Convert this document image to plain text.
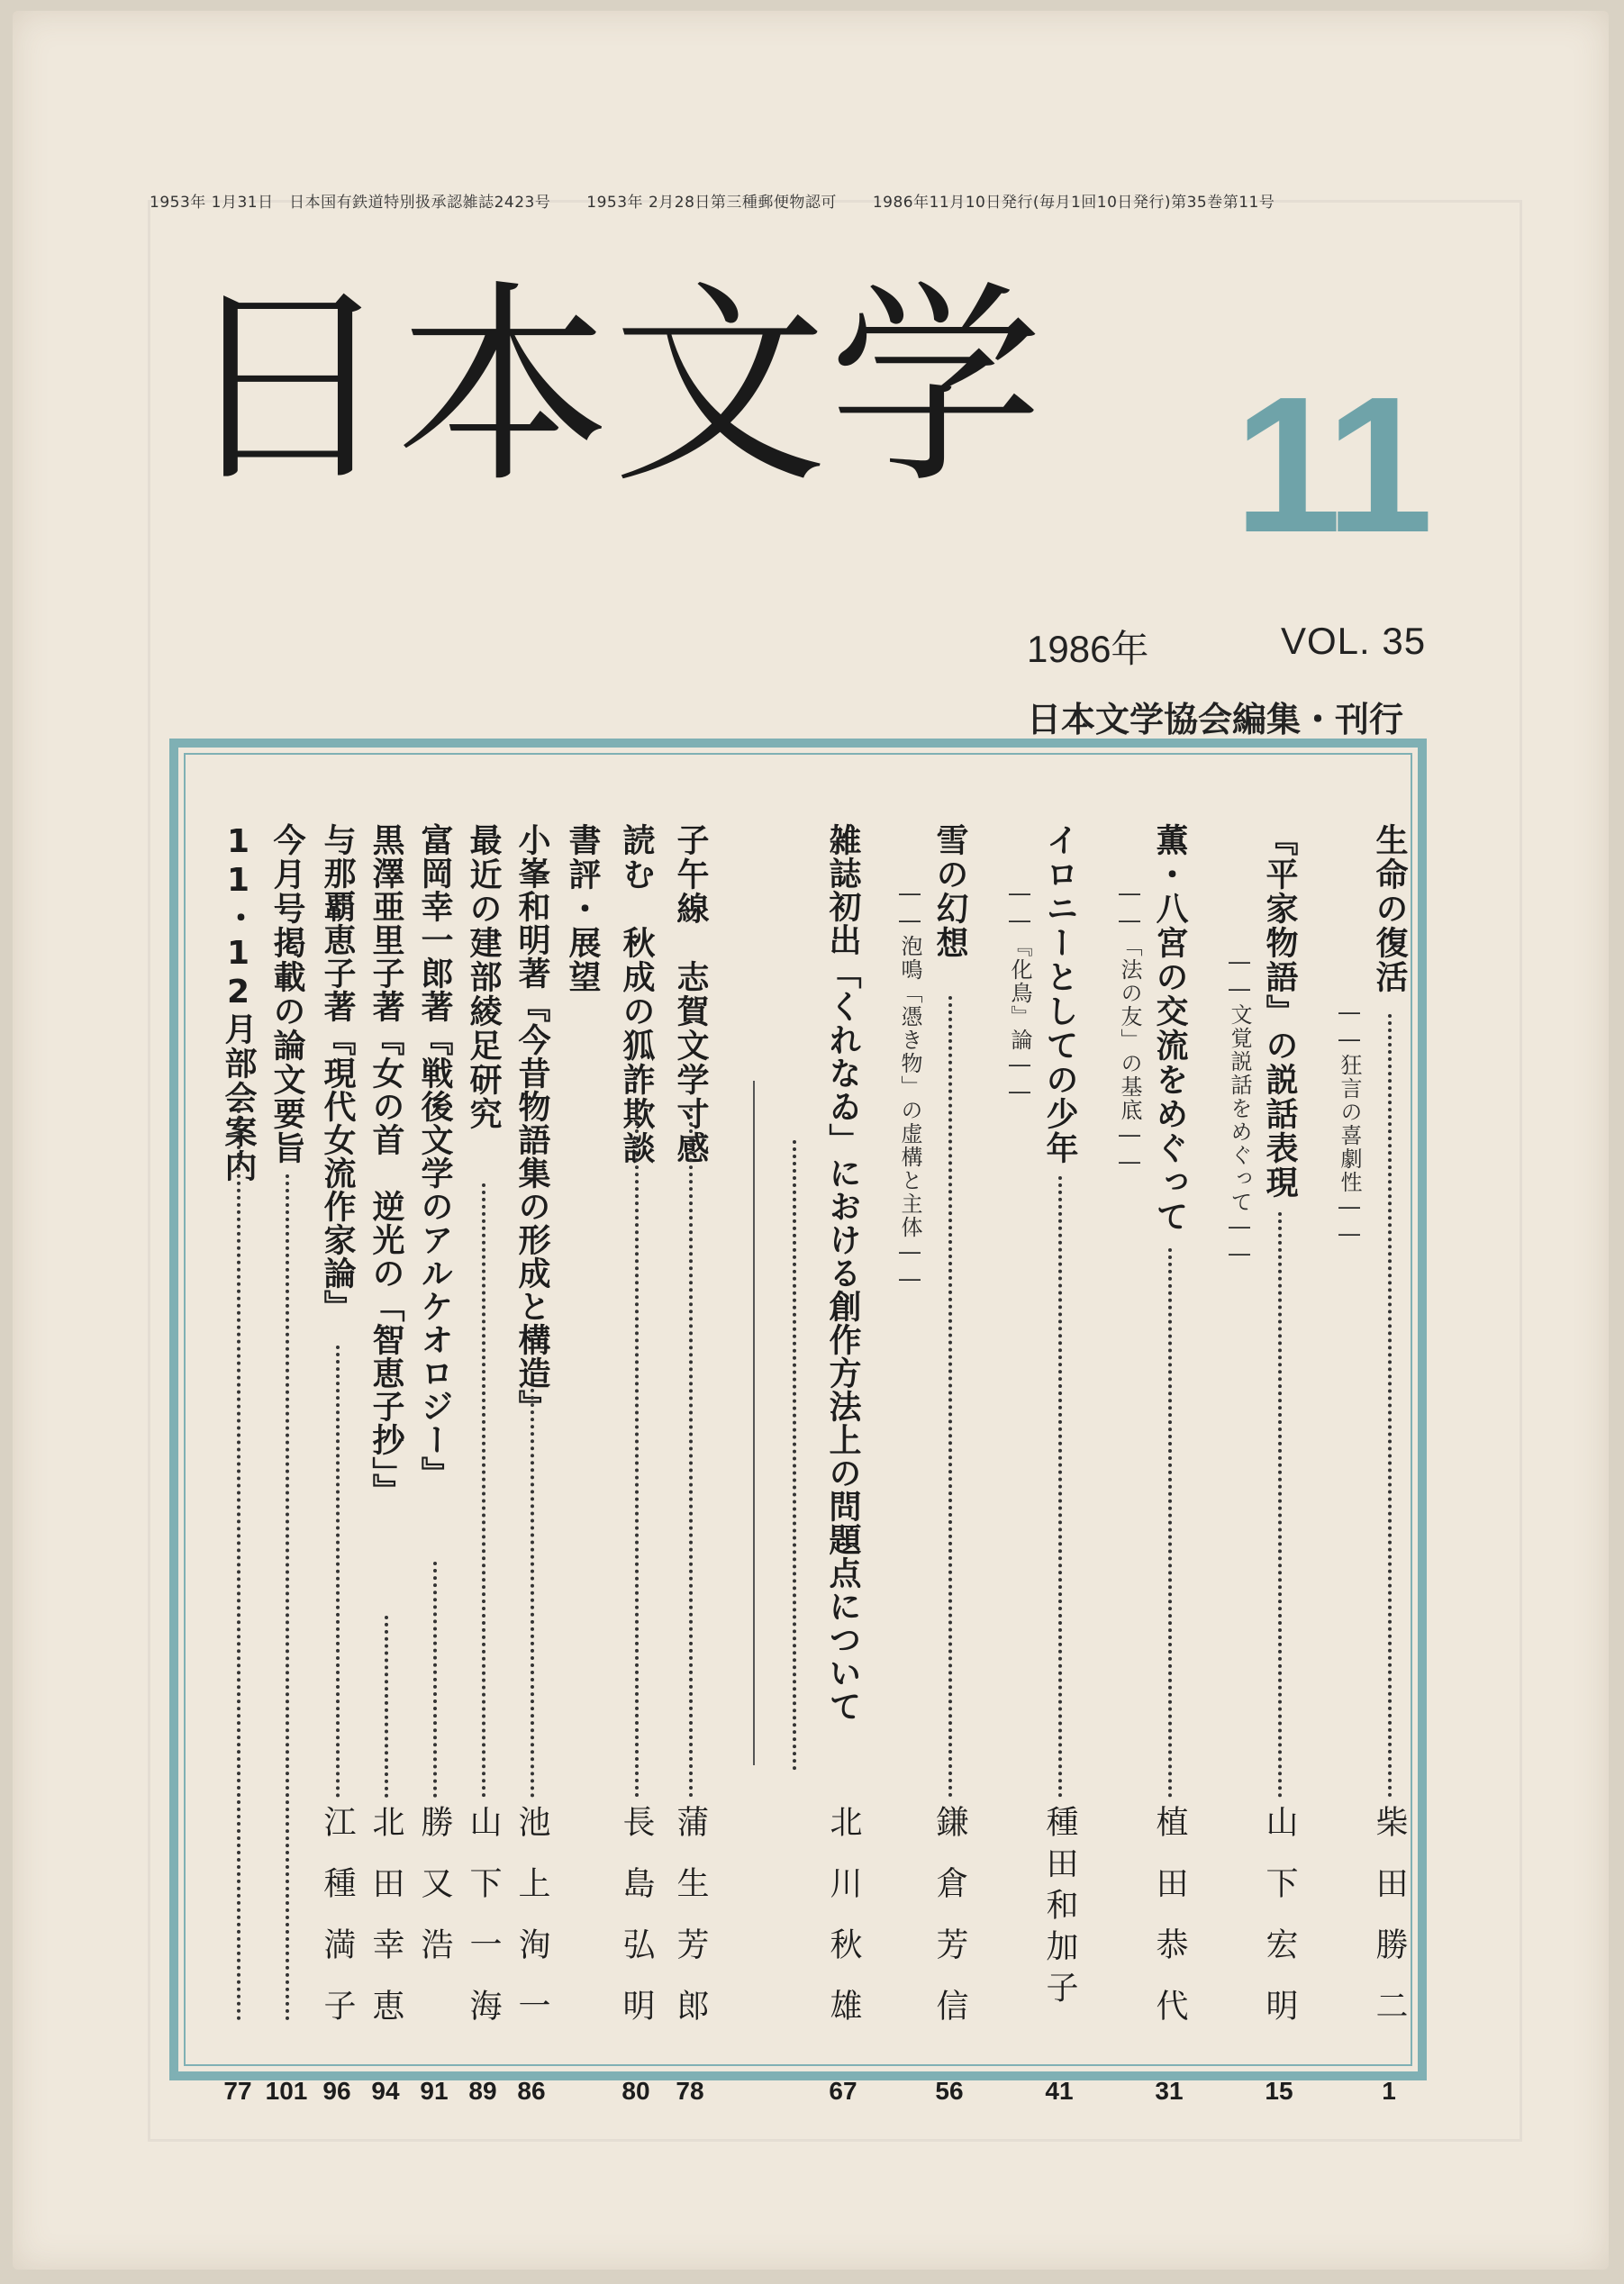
1953年 1月31日　日本国有鉄道特別扱承認雑誌2423号 1953年 2月28日第三種郵便物認可 1986年11月10日発行(毎月1回10日発行)第35巻第11号
日本文学 11
1986年	VOL. 35
日本文学協会編集・刊行
生命の復活
――狂言の喜劇性――
柴田勝二
1
『平家物語』の説話表現
――文覚説話をめぐって――
山下宏明
15
薫・八宮の交流をめぐって
――「法の友」の基底――
植田恭代
31
イロニーとしての少年
――『化鳥』論――
種田和加子
41
雪の幻想
――泡鳴「憑き物」の虚構と主体――
鎌倉芳信
56
雑誌初出「くれなゐ」における創作方法上の問題点について
北川秋雄
67
子午線　志賀文学寸感
蒲生芳郎
78
読む　秋成の狐詐欺談
長島弘明
80
書評・展望
小峯和明著『今昔物語集の形成と構造』
池上洵一
86
最近の建部綾足研究
山下一海
89
富岡幸一郎著『戦後文学のアルケオロジー』
勝又浩
91
黒澤亜里子著『女の首　逆光の「智恵子抄」』
北田幸恵
94
与那覇恵子著『現代女流作家論』
江種満子
96
今月号掲載の論文要旨
101
11・12月部会案内
77
